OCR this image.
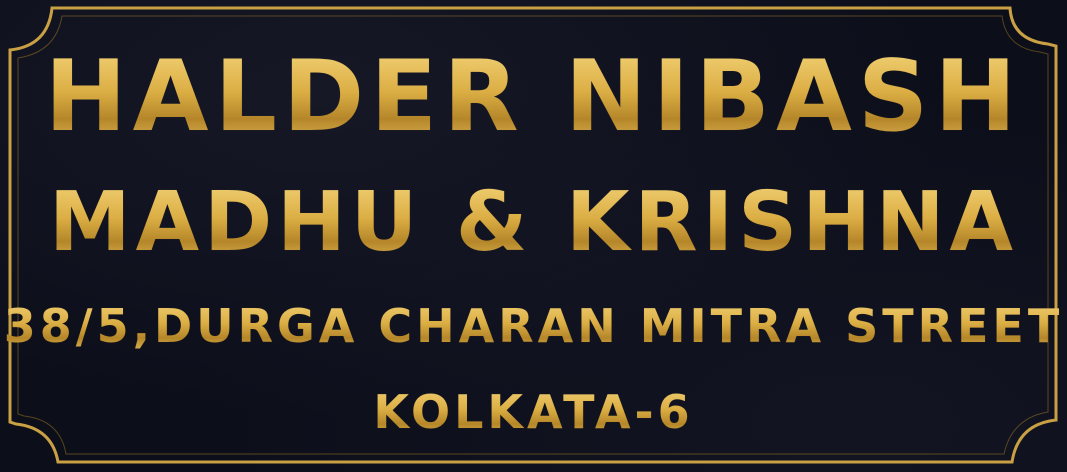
HALDER NIBASH
MADHU & KRISHNA
38/5,DURGA CHARAN MITRA STREET
KOLKATA-6
